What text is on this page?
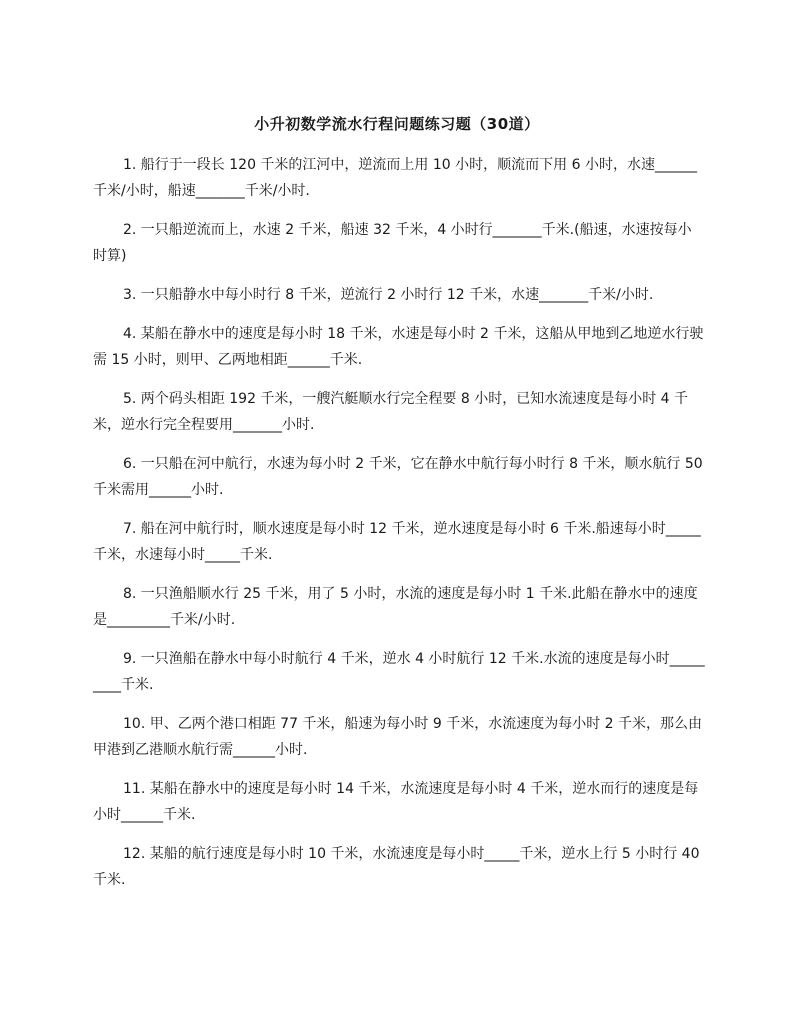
小升初数学流水行程问题练习题（30道）

1. 船行于一段长 120 千米的江河中，逆流而上用 10 小时，顺流而下用 6 小时，水速______千米/小时，船速_______千米/小时.

2. 一只船逆流而上，水速 2 千米，船速 32 千米，4 小时行_______千米.(船速，水速按每小时算)

3. 一只船静水中每小时行 8 千米，逆流行 2 小时行 12 千米，水速_______千米/小时.

4. 某船在静水中的速度是每小时 18 千米，水速是每小时 2 千米，这船从甲地到乙地逆水行驶需 15 小时，则甲、乙两地相距______千米.

5. 两个码头相距 192 千米，一艘汽艇顺水行完全程要 8 小时，已知水流速度是每小时 4 千米，逆水行完全程要用_______小时.

6. 一只船在河中航行，水速为每小时 2 千米，它在静水中航行每小时行 8 千米，顺水航行 50 千米需用______小时.

7. 船在河中航行时，顺水速度是每小时 12 千米，逆水速度是每小时 6 千米.船速每小时_____千米，水速每小时_____千米.

8. 一只渔船顺水行 25 千米，用了 5 小时，水流的速度是每小时 1 千米.此船在静水中的速度是_________千米/小时.

9. 一只渔船在静水中每小时航行 4 千米，逆水 4 小时航行 12 千米.水流的速度是每小时_________千米.

10. 甲、乙两个港口相距 77 千米，船速为每小时 9 千米，水流速度为每小时 2 千米，那么由甲港到乙港顺水航行需______小时.

11. 某船在静水中的速度是每小时 14 千米，水流速度是每小时 4 千米，逆水而行的速度是每小时______千米.

12. 某船的航行速度是每小时 10 千米，水流速度是每小时_____千米，逆水上行 5 小时行 40 千米.
